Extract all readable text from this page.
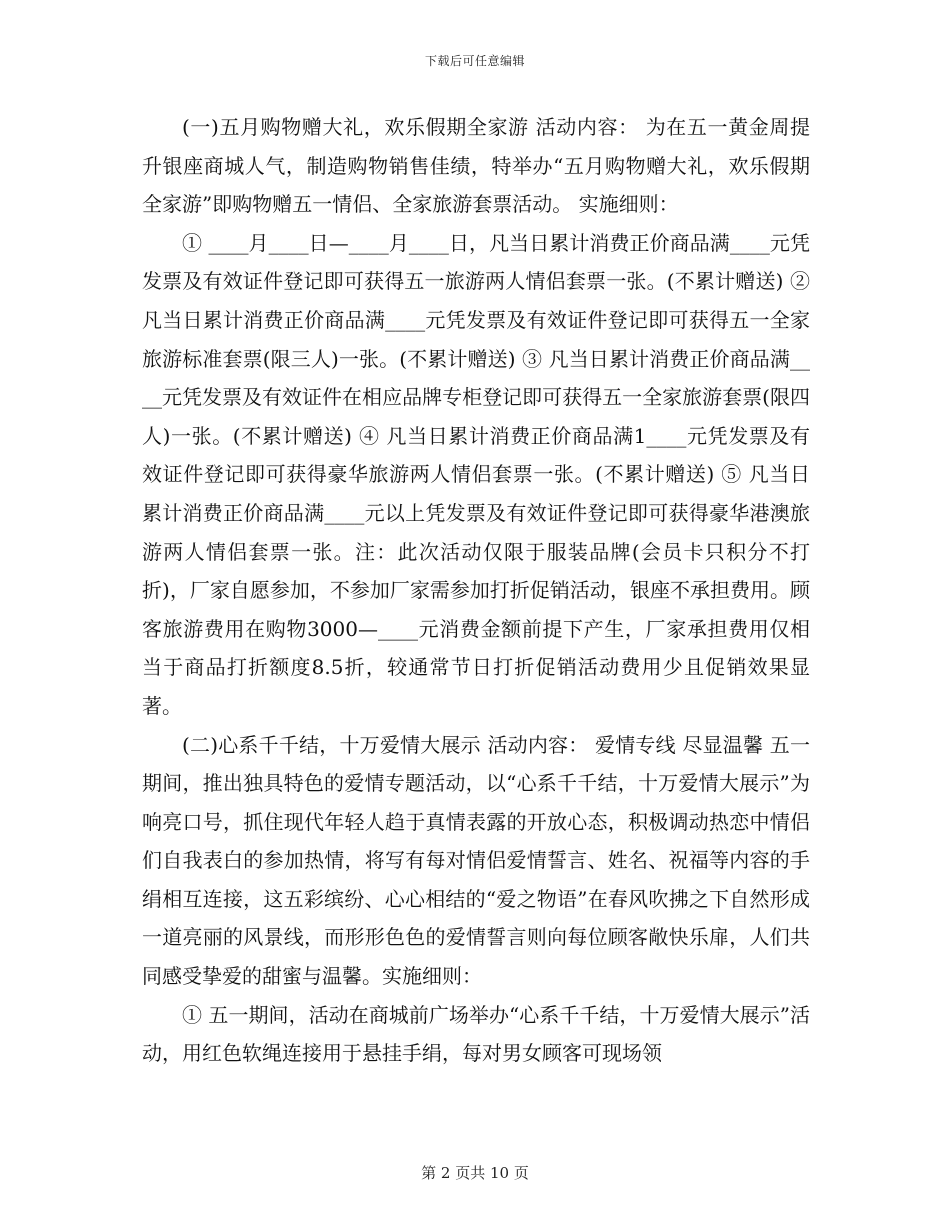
下载后可任意编辑

(一)五月购物赠大礼，欢乐假期全家游 活动内容： 为在五一黄金周提升银座商城人气，制造购物销售佳绩，特举办“五月购物赠大礼，欢乐假期全家游”即购物赠五一情侣、全家旅游套票活动。 实施细则：

① ____月____日—____月____日，凡当日累计消费正价商品满____元凭发票及有效证件登记即可获得五一旅游两人情侣套票一张。(不累计赠送) ② 凡当日累计消费正价商品满____元凭发票及有效证件登记即可获得五一全家旅游标准套票(限三人)一张。(不累计赠送) ③ 凡当日累计消费正价商品满____元凭发票及有效证件在相应品牌专柜登记即可获得五一全家旅游套票(限四人)一张。(不累计赠送) ④ 凡当日累计消费正价商品满1____元凭发票及有效证件登记即可获得豪华旅游两人情侣套票一张。(不累计赠送) ⑤ 凡当日累计消费正价商品满____元以上凭发票及有效证件登记即可获得豪华港澳旅游两人情侣套票一张。注：此次活动仅限于服装品牌(会员卡只积分不打折)，厂家自愿参加，不参加厂家需参加打折促销活动，银座不承担费用。顾客旅游费用在购物3000—____元消费金额前提下产生，厂家承担费用仅相当于商品打折额度8.5折，较通常节日打折促销活动费用少且促销效果显著。

(二)心系千千结，十万爱情大展示 活动内容： 爱情专线 尽显温馨 五一期间，推出独具特色的爱情专题活动，以“心系千千结，十万爱情大展示”为响亮口号，抓住现代年轻人趋于真情表露的开放心态，积极调动热恋中情侣们自我表白的参加热情，将写有每对情侣爱情誓言、姓名、祝福等内容的手绢相互连接，这五彩缤纷、心心相结的“爱之物语”在春风吹拂之下自然形成一道亮丽的风景线，而形形色色的爱情誓言则向每位顾客敞快乐扉，人们共同感受挚爱的甜蜜与温馨。实施细则：

① 五一期间，活动在商城前广场举办“心系千千结，十万爱情大展示”活动，用红色软绳连接用于悬挂手绢，每对男女顾客可现场领

第 2 页共 10 页
